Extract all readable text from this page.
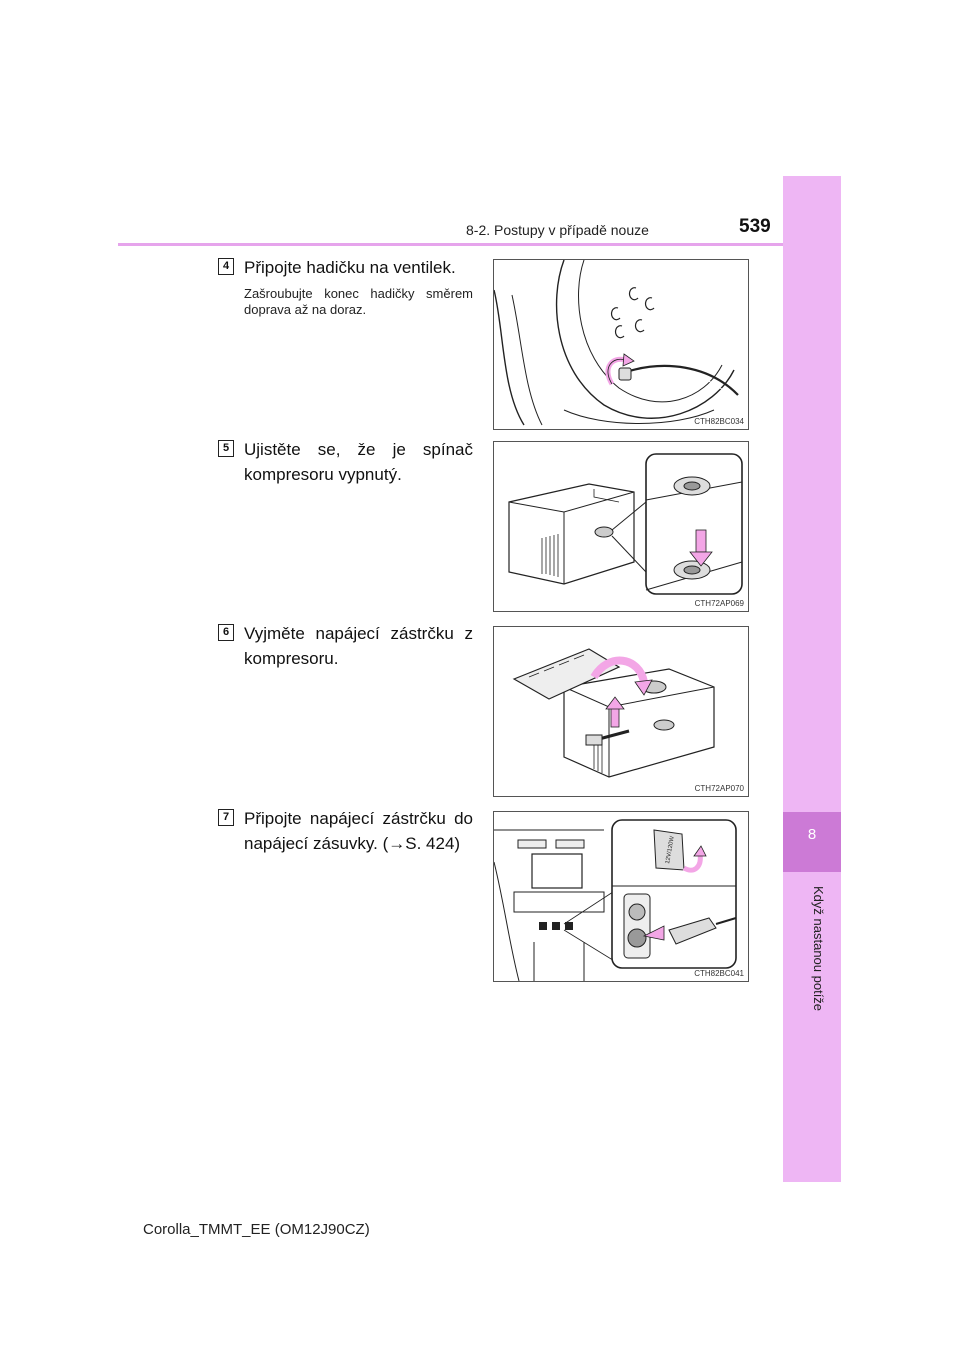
8
Když nastanou potíže
8-2. Postupy v případě nouze	539
4 Připojte hadičku na ventilek.
Zašroubujte konec hadičky směrem doprava až na doraz.
CTH82BC034
5 Ujistěte se, že je spínač kompresoru vypnutý.
CTH72AP069
6 Vyjměte napájecí zástrčku z kompresoru.
CTH72AP070
7 Připojte napájecí zástrčku do napájecí zásuvky. (→S. 424)	12V/120W
CTH82BC041
Corolla_TMMT_EE (OM12J90CZ)
